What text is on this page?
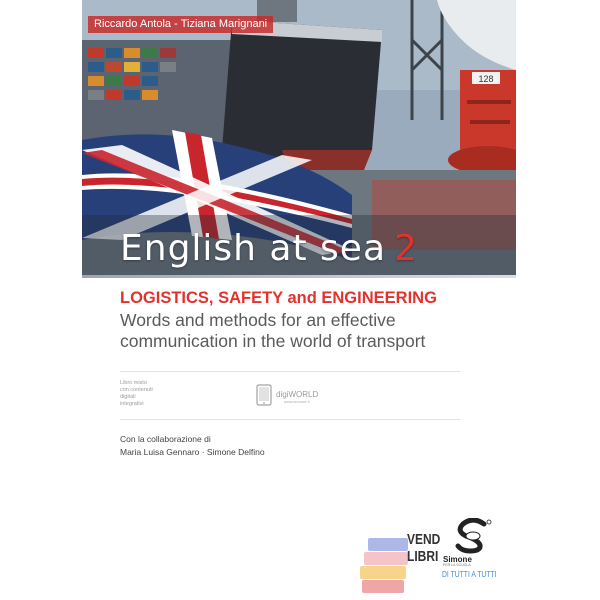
128
Riccardo Antola - Tiziana Marignani
English at sea 2
LOGISTICS, SAFETY and ENGINEERING
Words and methods for an effective
communication in the world of transport
Libro misto
con contenuti
digitali
integrativi
digiWORLD
www.simone.it
Con la collaborazione di
Maria Luisa Gennaro · Simone Delfino
VEND
LIBRI Simone
PER LA SCUOLA
DI TUTTI A TUTTI
